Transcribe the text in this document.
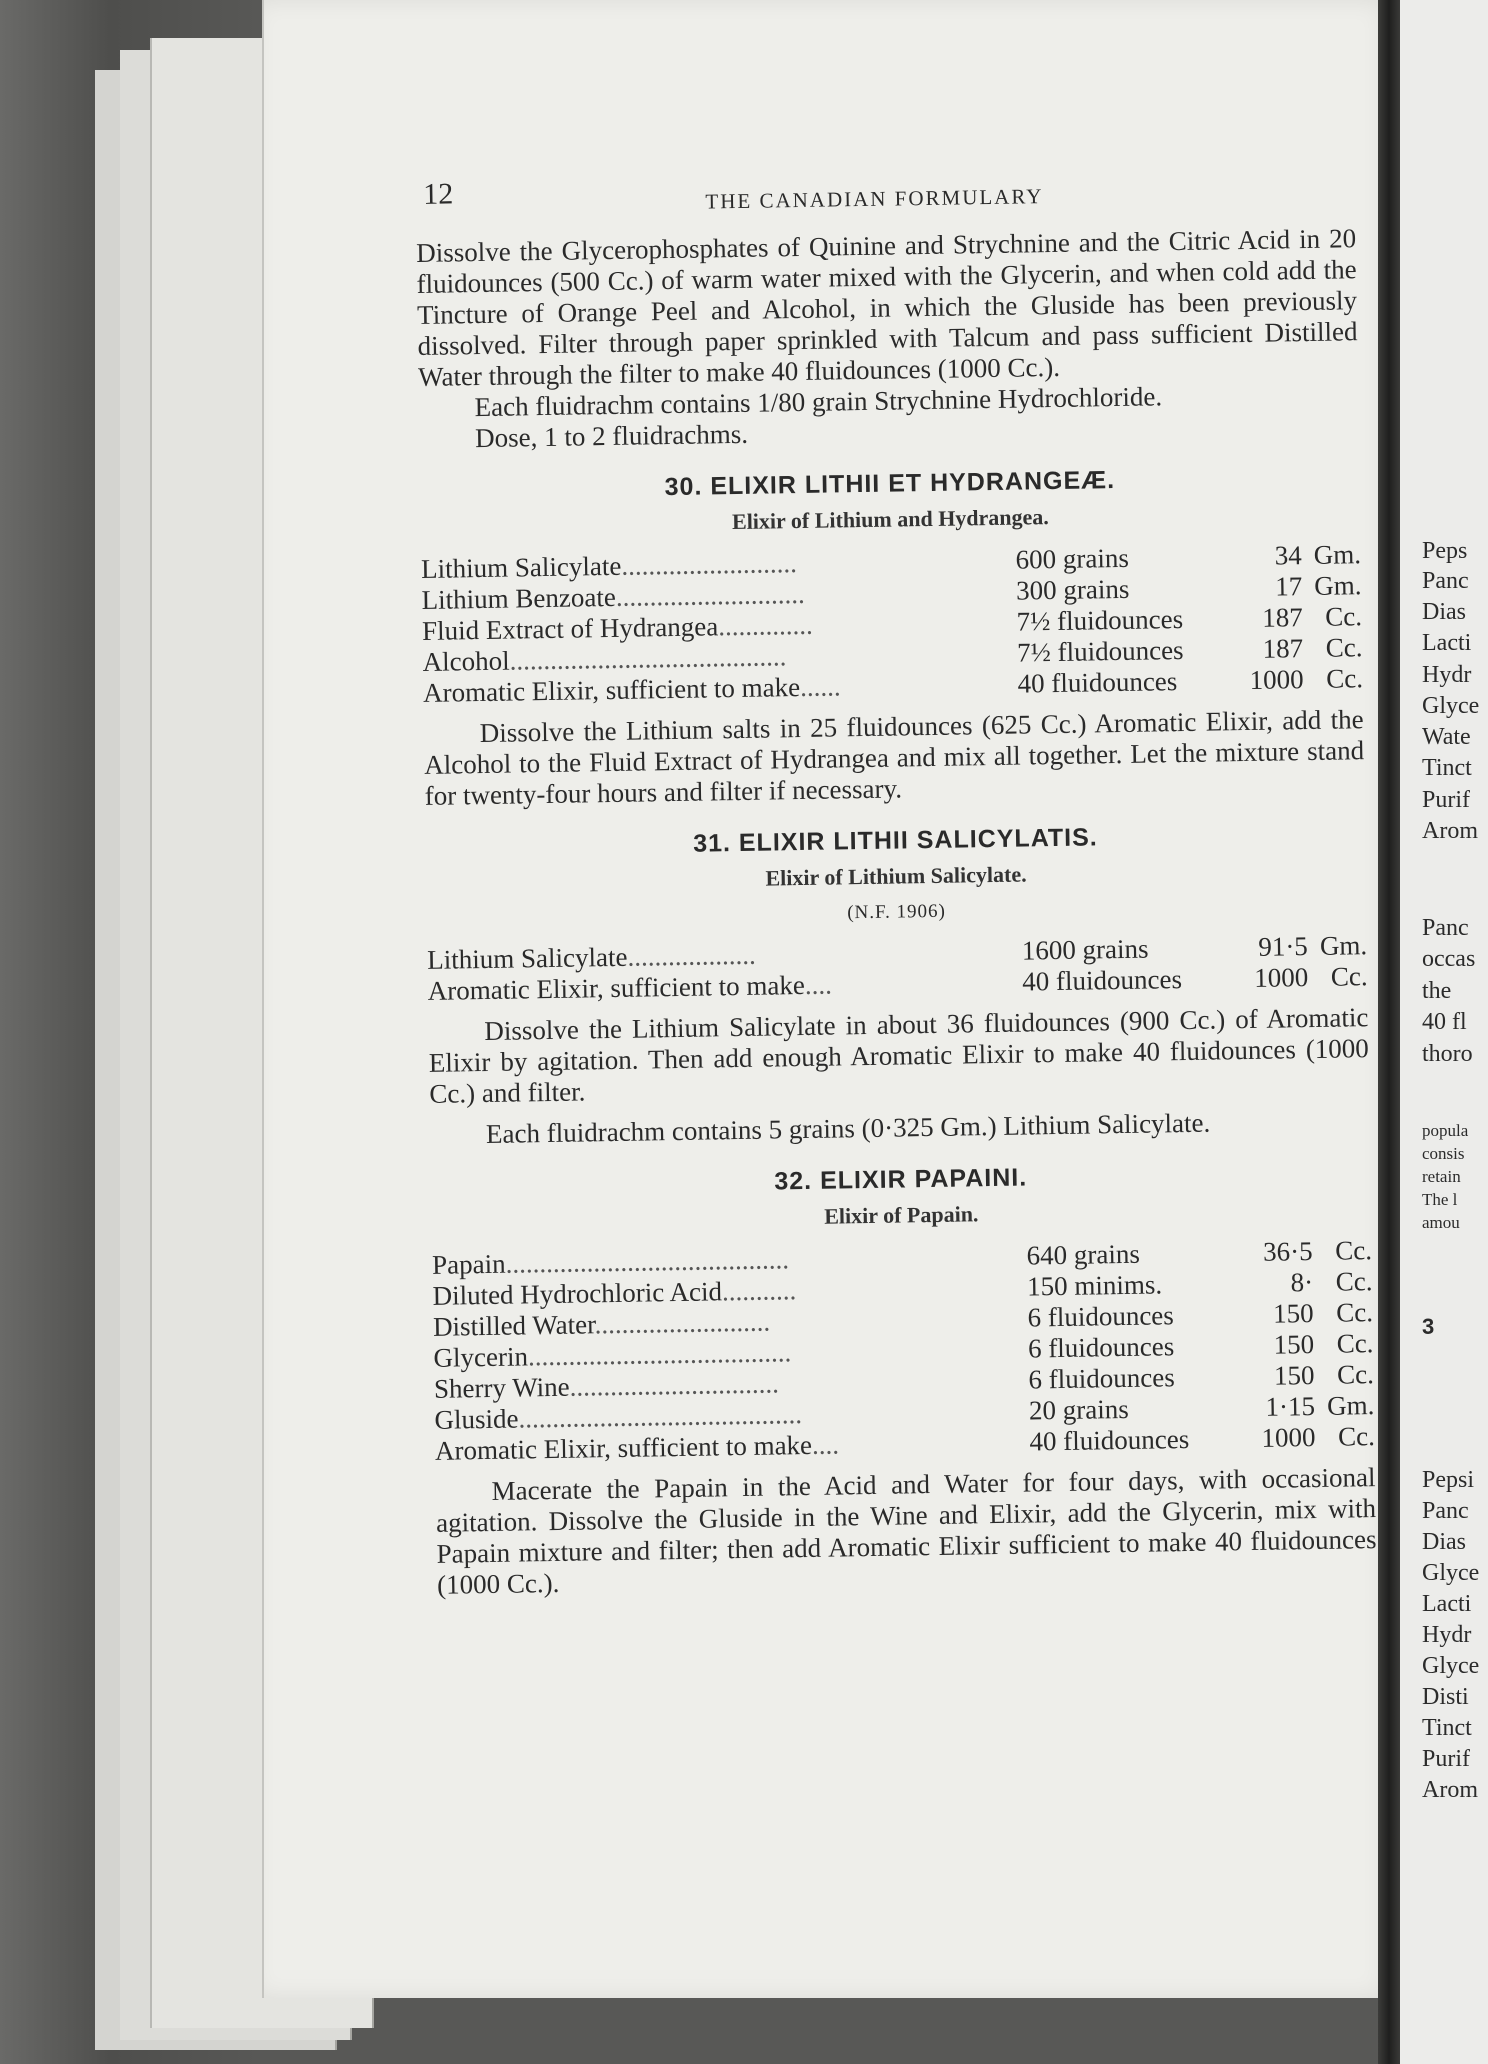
Peps
Panc
Dias
Lacti
Hydr
Glyce
Wate
Tinct
Purif
Arom
Panc
occas
the
40 fl
thoro
popula
consis
retain
The l
amou
3
Pepsi
Panc
Dias
Glyce
Lacti
Hydr
Glyce
Disti
Tinct
Purif
Arom
12	THE CANADIAN FORMULARY

Dissolve the Glycerophosphates of Quinine and Strychnine and the Citric Acid in 20 fluidounces (500 Cc.) of warm water mixed with the Glycerin, and when cold add the Tincture of Orange Peel and Alcohol, in which the Gluside has been previously dissolved. Filter through paper sprinkled with Talcum and pass sufficient Distilled Water through the filter to make 40 fluidounces (1000 Cc.).

Each fluidrachm contains 1/80 grain Strychnine Hydrochloride.

Dose, 1 to 2 fluidrachms.

30. ELIXIR LITHII ET HYDRANGEÆ.
Elixir of Lithium and Hydrangea.
Lithium Salicylate..........................	600 grains	34	Gm.
Lithium Benzoate............................	300 grains	17	Gm.
Fluid Extract of Hydrangea..............	7½ fluidounces	187	Cc.
Alcohol.........................................	7½ fluidounces	187	Cc.
Aromatic Elixir, sufficient to make......	40 fluidounces	1000	Cc.

Dissolve the Lithium salts in 25 fluidounces (625 Cc.) Aromatic Elixir, add the Alcohol to the Fluid Extract of Hydrangea and mix all together. Let the mixture stand for twenty-four hours and filter if necessary.

31. ELIXIR LITHII SALICYLATIS.
Elixir of Lithium Salicylate.
(N.F. 1906)
Lithium Salicylate...................	1600 grains	91·5	Gm.
Aromatic Elixir, sufficient to make....	40 fluidounces	1000	Cc.

Dissolve the Lithium Salicylate in about 36 fluidounces (900 Cc.) of Aromatic Elixir by agitation. Then add enough Aromatic Elixir to make 40 fluidounces (1000 Cc.) and filter.

Each fluidrachm contains 5 grains (0·325 Gm.) Lithium Salicylate.

32. ELIXIR PAPAINI.
Elixir of Papain.
Papain..........................................	640 grains	36·5	Cc.
Diluted Hydrochloric Acid...........	150 minims.	8·	Cc.
Distilled Water..........................	6 fluidounces	150	Cc.
Glycerin.......................................	6 fluidounces	150	Cc.
Sherry Wine...............................	6 fluidounces	150	Cc.
Gluside..........................................	20 grains	1·15	Gm.
Aromatic Elixir, sufficient to make....	40 fluidounces	1000	Cc.

Macerate the Papain in the Acid and Water for four days, with occasional agitation. Dissolve the Gluside in the Wine and Elixir, add the Glycerin, mix with Papain mixture and filter; then add Aromatic Elixir sufficient to make 40 fluidounces (1000 Cc.).
